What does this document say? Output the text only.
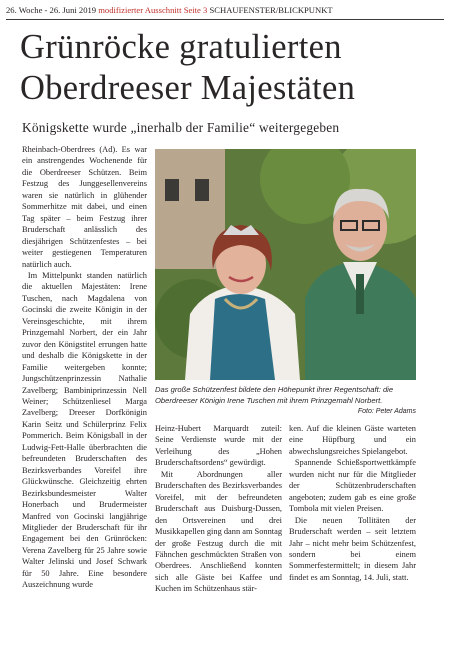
26. Woche - 26. Juni 2019 modifizierter Ausschnitt Seite 3 SCHAUFENSTER/BLICKPUNKT
Grünröcke gratulierten
Oberdreeser Majestäten
Königskette wurde „inerhalb der Familie“ weitergegeben

Rheinbach-Oberdrees (Ad). Es war ein anstrengendes Wochenende für die Oberdreeser Schützen. Beim Festzug des Junggesellenvereins waren sie natürlich in glühender Sommerhitze mit dabei, und einen Tag später – beim Festzug ihrer Bruderschaft anlässlich des diesjährigen Schützenfestes – bei weiter gestiegenen Temperaturen natürlich auch.

Im Mittelpunkt standen natürlich die aktuellen Majestäten: Irene Tuschen, nach Magdalena von Gocinski die zweite Königin in der Vereinsgeschichte, mit ihrem Prinzgemahl Norbert, der ein Jahr zuvor den Königstitel errungen hatte und deshalb die Königskette in der Familie weitergeben konnte; Jungschützenprinzessin Nathalie Zavelberg; Bambiniprinzessin Nell Weiner; Schützenliesel Marga Zavelberg; Dreeser Dorfkönigin Karin Seitz und Schülerprinz Felix Pommerich. Beim Königsball in der Ludwig-Fett-Halle überbrachten die befreundeten Bruderschaften des Bezirksverbandes Voreifel ihre Glückwünsche. Gleichzeitig ehrten Bezirksbundesmeister Walter Honerbach und Brudermeister Manfred von Gocinski langjährige Mitglieder der Bruderschaft für ihr Engagement bei den Grünröcken: Verena Zavelberg für 25 Jahre sowie Walter Jelinski und Josef Schwark für 50 Jahre. Eine besondere Auszeichnung wurde

Das große Schützenfest bildete den Höhepunkt ihrer Regentschaft: die Oberdreeser Königin Irene Tuschen mit ihrem Prinzgemahl Norbert.
Foto: Peter Adams

Heinz-Hubert Marquardt zuteil: Seine Verdienste wurde mit der Verleihung des „Hohen Bruderschaftsordens“ gewürdigt.

Mit Abordnungen aller Bruderschaften des Bezirksverbandes Voreifel, mit der befreundeten Bruderschaft aus Duisburg-Dussen, den Ortsvereinen und drei Musikkapellen ging dann am Sonntag der große Festzug durch die mit Fähnchen geschmückten Straßen von Oberdrees. Anschließend konnten sich alle Gäste bei Kaffee und Kuchen im Schützenhaus stär-

ken. Auf die kleinen Gäste warteten eine Hüpfburg und ein abwechslungsreiches Spielangebot.

Spannende Schießsportwettkämpfe wurden nicht nur für die Mitglieder der Schützenbruderschaften angeboten; zudem gab es eine große Tombola mit vielen Preisen.

Die neuen Tollitäten der Bruderschaft werden – seit letztem Jahr – nicht mehr beim Schützenfest, sondern bei einem Sommerfestermittelt; in diesem Jahr findet es am Sonntag, 14. Juli, statt.
